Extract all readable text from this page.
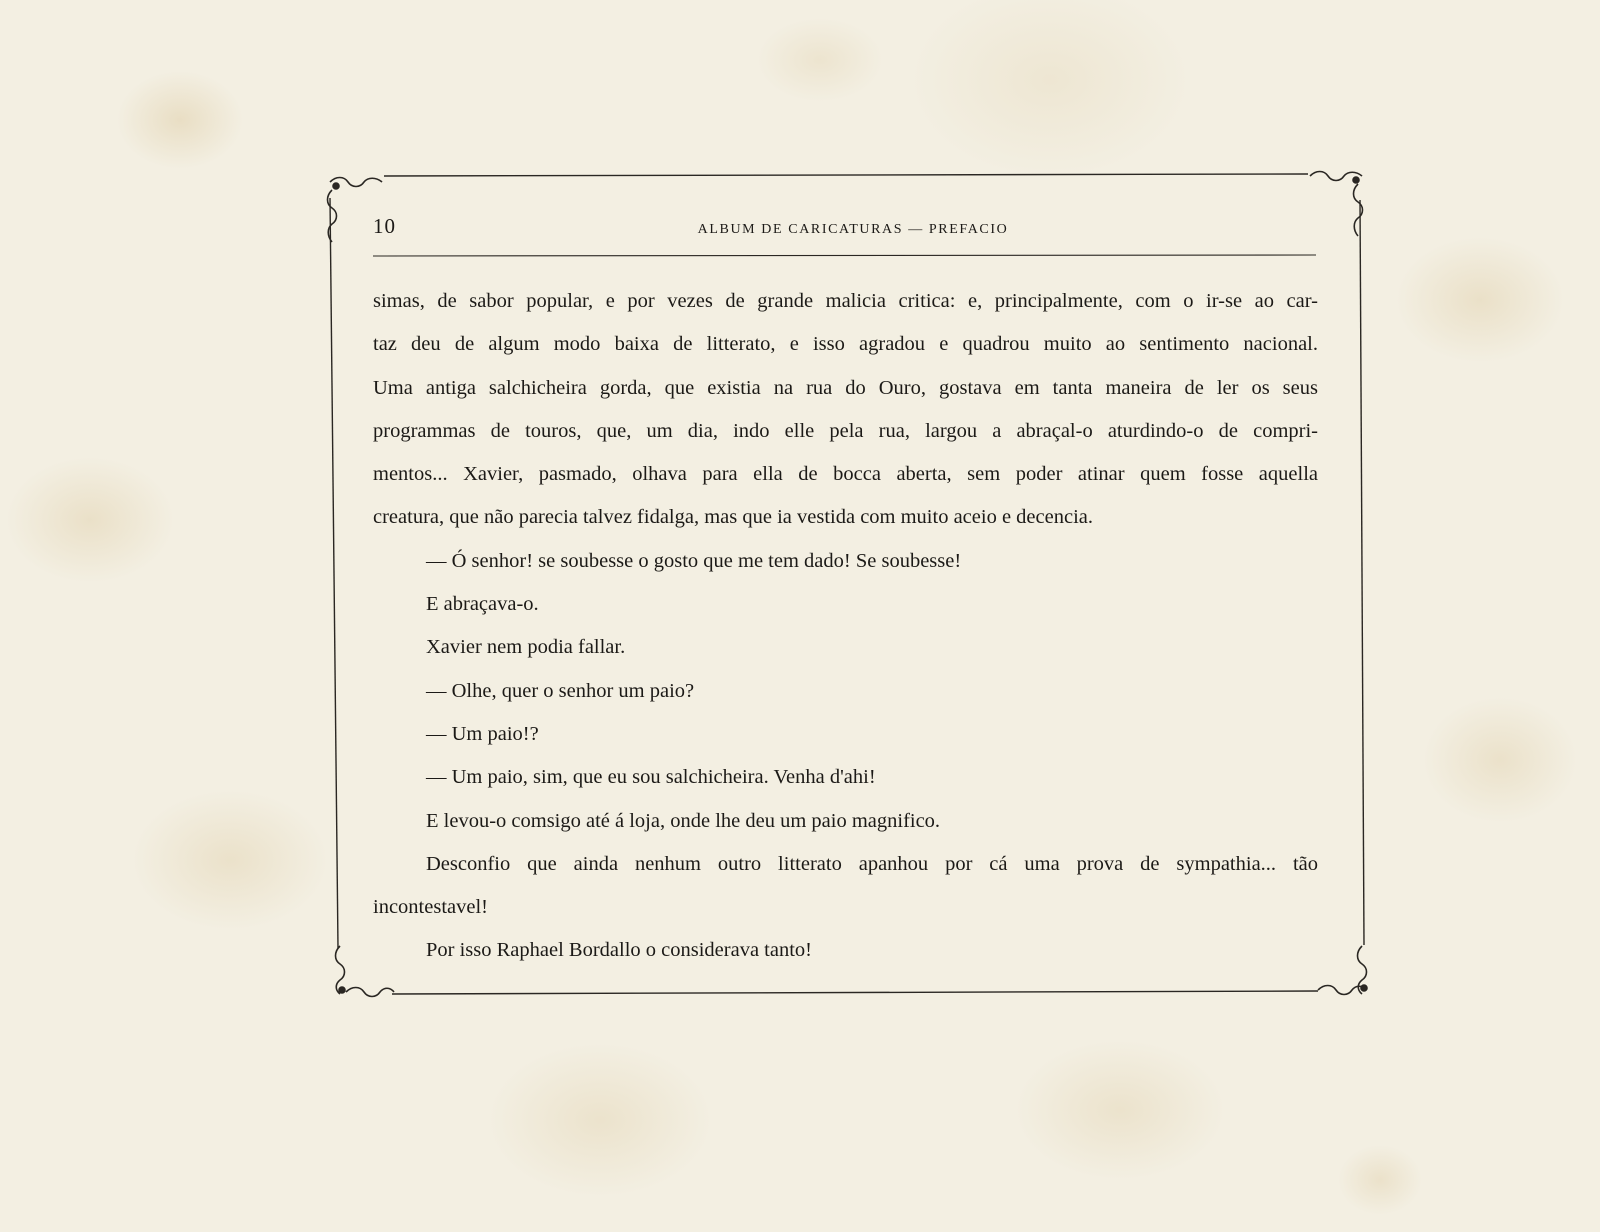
10	ALBUM DE CARICATURAS — PREFACIO
simas, de sabor popular, e por vezes de grande malicia critica: e, principalmente, com o ir-se ao car-
taz deu de algum modo baixa de litterato, e isso agradou e quadrou muito ao sentimento nacional.
Uma antiga salchicheira gorda, que existia na rua do Ouro, gostava em tanta maneira de ler os seus
programmas de touros, que, um dia, indo elle pela rua, largou a abraçal-o aturdindo-o de compri-
mentos... Xavier, pasmado, olhava para ella de bocca aberta, sem poder atinar quem fosse aquella
creatura, que não parecia talvez fidalga, mas que ia vestida com muito aceio e decencia.
— Ó senhor! se soubesse o gosto que me tem dado! Se soubesse!
E abraçava-o.
Xavier nem podia fallar.
— Olhe, quer o senhor um paio?
— Um paio!?
— Um paio, sim, que eu sou salchicheira. Venha d'ahi!
E levou-o comsigo até á loja, onde lhe deu um paio magnifico.
Desconfio que ainda nenhum outro litterato apanhou por cá uma prova de sympathia... tão
incontestavel!
Por isso Raphael Bordallo o considerava tanto!
